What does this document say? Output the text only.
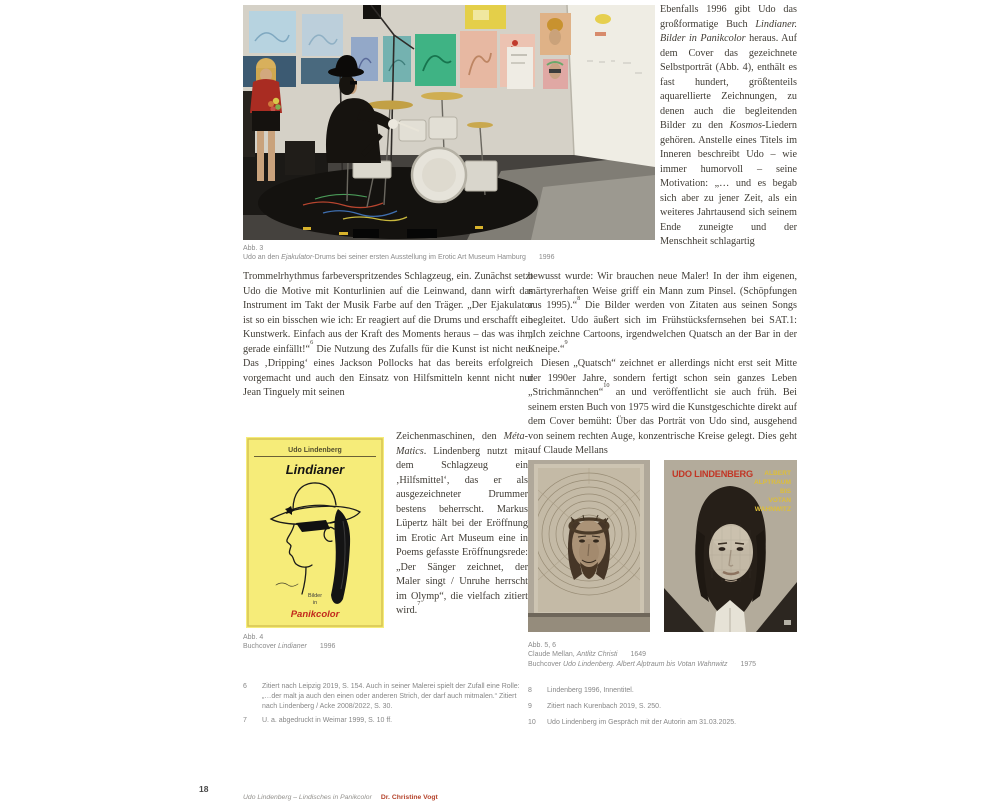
Abb. 3
Udo an den Ejakulator-Drums bei seiner ersten Ausstellung im Erotic Art Museum Hamburg 1996
Trommelrhythmus farbeverspritzendes Schlagzeug, ein. Zunächst setzt Udo die Motive mit Konturlinien auf die Leinwand, dann wirft das Instrument im Takt der Musik Farbe auf den Träger. „Der Ejakulator ist so ein bisschen wie ich: Er reagiert auf die Drums und erschafft ein Kunstwerk. Einfach aus der Kraft des Moments heraus – das was ihm gerade einfällt!“$^6$ Die Nutzung des Zufalls für die Kunst ist nicht neu. Das ‚Dripping‘ eines Jackson Pollocks hat das bereits erfolgreich vorgemacht und auch den Einsatz von Hilfsmitteln kennt nicht nur Jean Tinguely mit seinen
Zeichenmaschinen, den Méta-Matics. Lindenberg nutzt mit dem Schlagzeug ein ‚Hilfsmittel‘, das er als ausgezeichneter Drummer bestens beherrscht. Markus Lüpertz hält bei der Eröffnung im Erotic Art Museum eine in Poems gefasste Eröffnungsrede: „Der Sänger zeichnet, der Maler singt / Unruhe herrscht im Olymp“, die vielfach zitiert wird.$^7$
Udo Lindenberg
Lindianer
Bilder
in
Panikcolor
Abb. 4
Buchcover Lindianer 1996
Ebenfalls 1996 gibt Udo das großformatige Buch Lindianer. Bilder in Panikcolor heraus. Auf dem Cover das gezeichnete Selbstporträt (Abb. 4), enthält es fast hundert, größtenteils aquarellierte Zeichnungen, zu denen auch die begleitenden Bilder zu den Kosmos-Liedern gehören. Anstelle eines Titels im Inneren beschreibt Udo – wie immer humorvoll – seine Motivation: „… und es begab sich aber zu jener Zeit, als ein weiteres Jahrtausend sich seinem Ende zuneigte und der Menschheit schlagartig

bewusst wurde: Wir brauchen neue Maler! In der ihm eigenen, märtyrerhaften Weise griff ein Mann zum Pinsel. (Schöpfungen aus 1995).“$^8$ Die Bilder werden von Zitaten aus seinen Songs begleitet. Udo äußert sich im Frühstücksfernsehen bei SAT.1: „Ich zeichne Cartoons, irgendwelchen Quatsch an der Bar in der Kneipe.“$^9$

Diesen „Quatsch“ zeichnet er allerdings nicht erst seit Mitte der 1990er Jahre, sondern fertigt schon sein ganzes Leben „Strichmännchen“$^{10}$ an und veröffentlicht sie auch früh. Bei seinem ersten Buch von 1975 wird die Kunstgeschichte direkt auf dem Cover bemüht: Über das Porträt von Udo sind, ausgehend von seinem rechten Auge, konzentrische Kreise gelegt. Dies geht auf Claude Mellans

UDO LINDENBERG ALBERT
ALPTRAUM
BIS
VOTAN
WAHNWITZ
Abb. 5, 6
Claude Mellan, Antlitz Christi 1649
Buchcover Udo Lindenberg. Albert Alptraum bis Votan Wahnwitz 1975
6	Zitiert nach Leipzig 2019, S. 154. Auch in seiner Malerei spielt der Zufall eine Rolle: „…der malt ja auch den einen oder anderen Strich, der darf auch mitmalen.“ Zitiert nach Lindenberg / Acke 2008/2022, S. 30.
7	U. a. abgedruckt in Weimar 1999, S. 10 ff.
8	Lindenberg 1996, Innentitel.
9	Zitiert nach Kurenbach 2019, S. 250.
10	Udo Lindenberg im Gespräch mit der Autorin am 31.03.2025.
18
Udo Lindenberg – Lindisches in Panikcolor Dr. Christine Vogt
